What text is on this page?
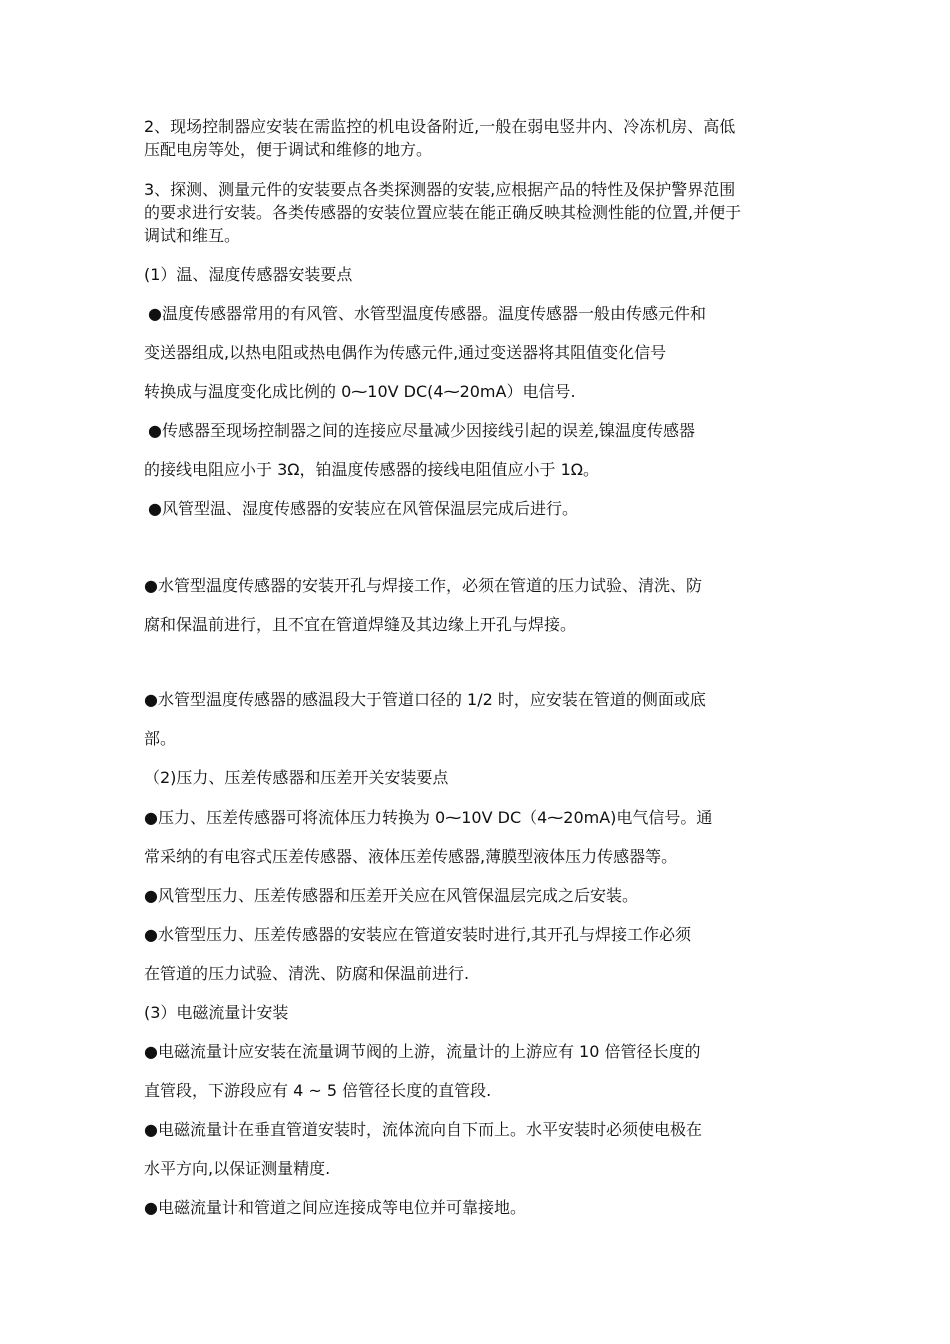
2、现场控制器应安装在需监控的机电设备附近,一般在弱电竖井内、冷冻机房、高低
压配电房等处，便于调试和维修的地方。
3、探测、测量元件的安装要点各类探测器的安装,应根据产品的特性及保护警界范围
的要求进行安装。各类传感器的安装位置应装在能正确反映其检测性能的位置,并便于
调试和维互。
(1）温、湿度传感器安装要点
●温度传感器常用的有风管、水管型温度传感器。温度传感器一般由传感元件和
变送器组成,以热电阻或热电偶作为传感元件,通过变送器将其阻值变化信号
转换成与温度变化成比例的 0⁓10V DC(4⁓20mA）电信号.
●传感器至现场控制器之间的连接应尽量减少因接线引起的误差,镍温度传感器
的接线电阻应小于 3Ω，铂温度传感器的接线电阻值应小于 1Ω。
●风管型温、湿度传感器的安装应在风管保温层完成后进行。
●水管型温度传感器的安装开孔与焊接工作，必须在管道的压力试验、清洗、防
腐和保温前进行，且不宜在管道焊缝及其边缘上开孔与焊接。
●水管型温度传感器的感温段大于管道口径的 1/2 时，应安装在管道的侧面或底
部。
（2)压力、压差传感器和压差开关安装要点
●压力、压差传感器可将流体压力转换为 0⁓10V DC（4⁓20mA)电气信号。通
常采纳的有电容式压差传感器、液体压差传感器,薄膜型液体压力传感器等。
●风管型压力、压差传感器和压差开关应在风管保温层完成之后安装。
●水管型压力、压差传感器的安装应在管道安装时进行,其开孔与焊接工作必须
在管道的压力试验、清洗、防腐和保温前进行.
(3）电磁流量计安装
●电磁流量计应安装在流量调节阀的上游，流量计的上游应有 10 倍管径长度的
直管段，下游段应有 4 ~ 5 倍管径长度的直管段.
●电磁流量计在垂直管道安装时，流体流向自下而上。水平安装时必须使电极在
水平方向,以保证测量精度.
●电磁流量计和管道之间应连接成等电位并可靠接地。
